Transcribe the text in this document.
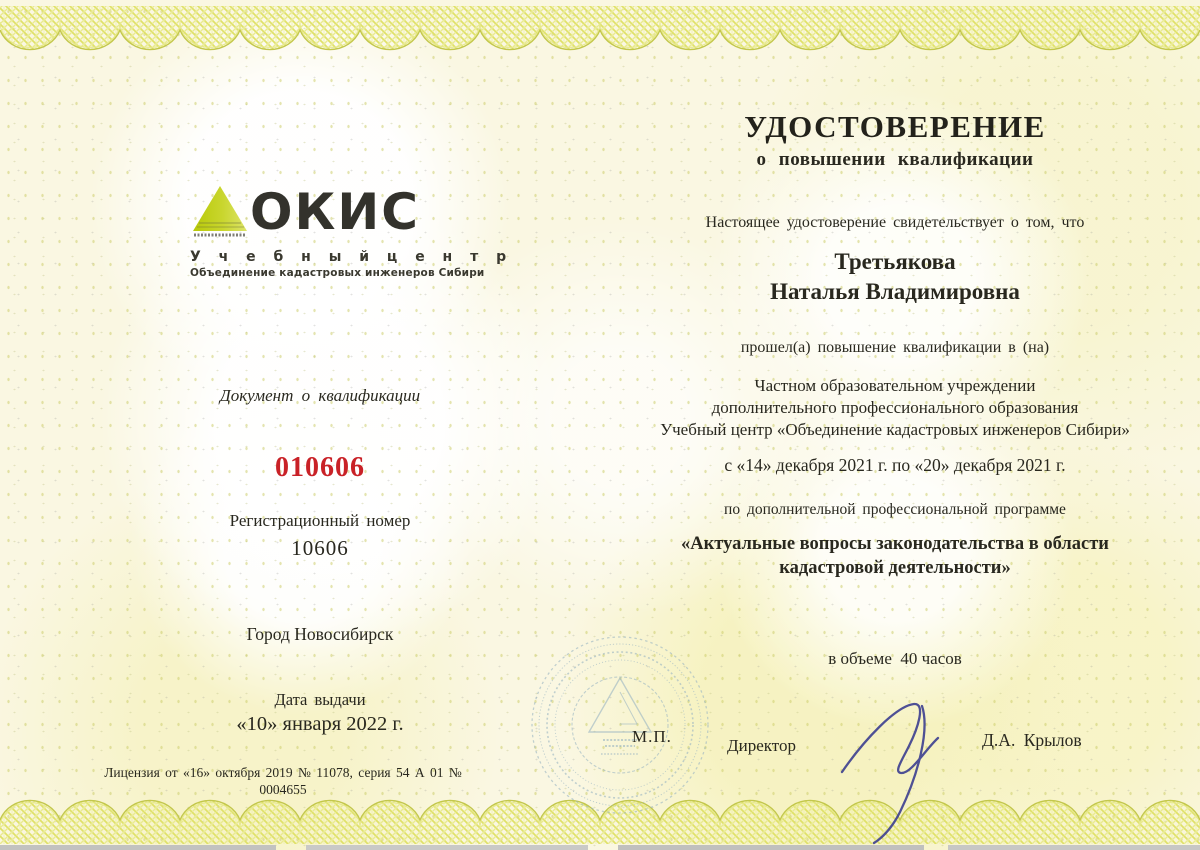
ОКИС
У ч е б н ы й ц е н т р
Объединение кадастровых инженеров Сибири
Документ о квалификации
010606
Регистрационный номер
10606
Город Новосибирск
Дата выдачи
«10» января 2022 г.
Лицензия от «16» октября 2019 № 11078, серия 54 А 01 № 0004655
УДОСТОВЕРЕНИЕ
о повышении квалификации
Настоящее удостоверение свидетельствует о том, что
Третьякова
Наталья Владимировна
прошел(а) повышение квалификации в (на)
Частном образовательном учреждении
дополнительного профессионального образования
Учебный центр «Объединение кадастровых инженеров Сибири»
с «14» декабря 2021 г. по «20» декабря 2021 г.
по дополнительной профессиональной программе
«Актуальные вопросы законодательства в области
кадастровой деятельности»
в объеме  40 часов
М.П.	Директор	Д.А. Крылов
